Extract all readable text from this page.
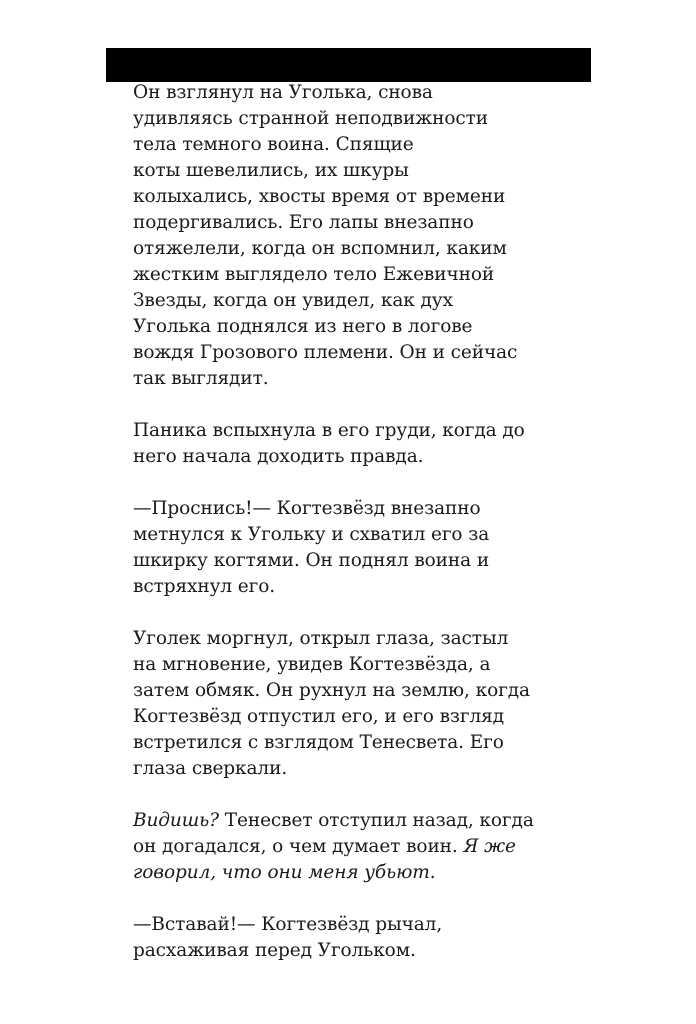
Он взглянул на Уголька, снова
удивляясь странной неподвижности
тела темного воина. Спящие
коты шевелились, их шкуры
колыхались, хвосты время от времени
подергивались. Его лапы внезапно
отяжелели, когда он вспомнил, каким
жестким выглядело тело Ежевичной
Звезды, когда он увидел, как дух
Уголька поднялся из него в логове
вождя Грозового племени. Он и сейчас
так выглядит.

Паника вспыхнула в его груди, когда до
него начала доходить правда.

—Проснись!— Когтезвёзд внезапно
метнулся к Угольку и схватил его за
шкирку когтями. Он поднял воина и
встряхнул его.

Уголек моргнул, открыл глаза, застыл
на мгновение, увидев Когтезвёзда, а
затем обмяк. Он рухнул на землю, когда
Когтезвёзд отпустил его, и его взгляд
встретился с взглядом Тенесвета. Его
глаза сверкали.

Видишь? Тенесвет отступил назад, когда
он догадался, о чем думает воин. Я же
говорил, что они меня убьют.

—Вставай!— Когтезвёзд рычал,
расхаживая перед Угольком.
